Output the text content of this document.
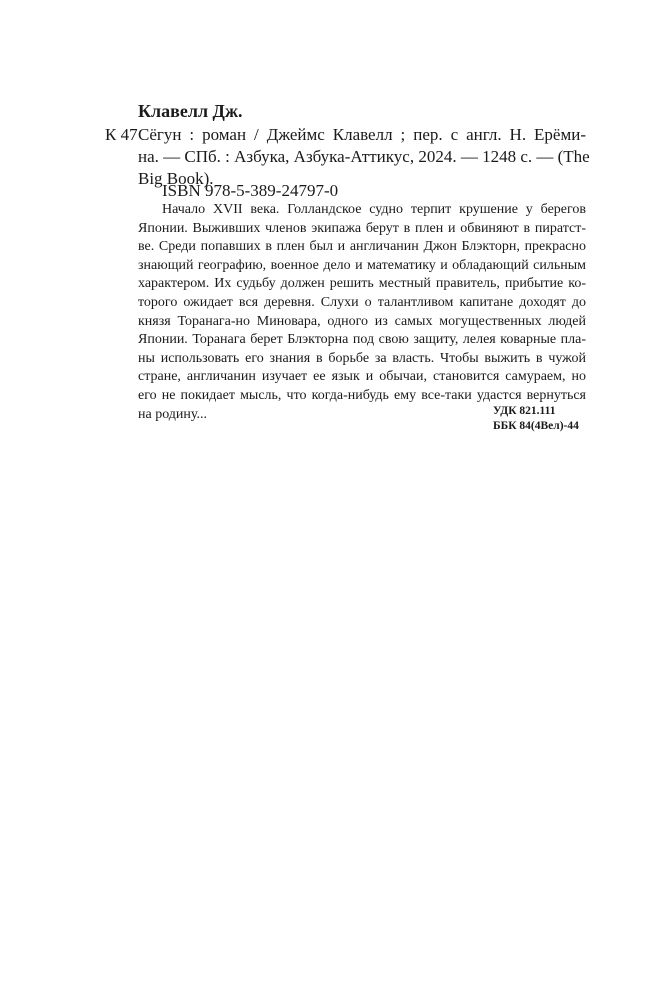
Клавелл Дж.
К 47 Сёгун : роман / Джеймс Клавелл ; пер. с англ. Н. Ерёми-
на. — СПб. : Азбука, Азбука-Аттикус, 2024. — 1248 с. — (The
Big Book).
ISBN 978-5-389-24797-0
Начало XVII века. Голландское судно терпит крушение у берегов
Японии. Выживших членов экипажа берут в плен и обвиняют в пиратст-
ве. Среди попавших в плен был и англичанин Джон Блэкторн, прекрасно
знающий географию, военное дело и математику и обладающий сильным
характером. Их судьбу должен решить местный правитель, прибытие ко-
торого ожидает вся деревня. Слухи о талантливом капитане доходят до
князя Торанага-но Миновара, одного из самых могущественных людей
Японии. Торанага берет Блэкторна под свою защиту, лелея коварные пла-
ны использовать его знания в борьбе за власть. Чтобы выжить в чужой
стране, англичанин изучает ее язык и обычаи, становится самураем, но
его не покидает мысль, что когда-нибудь ему все-таки удастся вернуться
на родину...	УДК 821.111
ББК 84(4Вел)-44
